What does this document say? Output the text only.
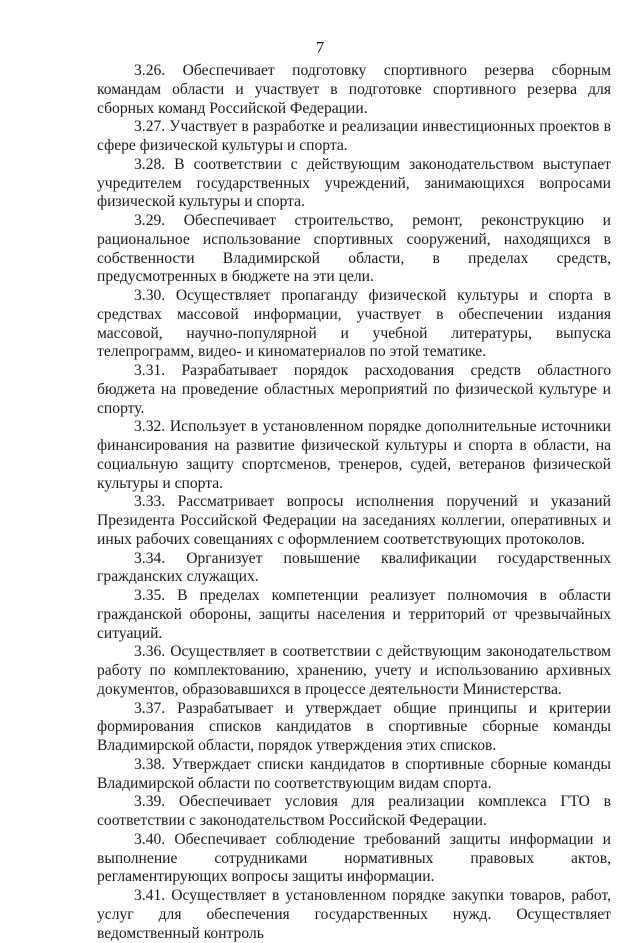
7

3.26. Обеспечивает подготовку спортивного резерва сборным командам области и участвует в подготовке спортивного резерва для сборных команд Российской Федерации.

3.27. Участвует в разработке и реализации инвестиционных проектов в сфере физической культуры и спорта.

3.28. В соответствии с действующим законодательством выступает учредителем государственных учреждений, занимающихся вопросами физической культуры и спорта.

3.29. Обеспечивает строительство, ремонт, реконструкцию и рациональное использование спортивных сооружений, находящихся в собственности Владимирской области, в пределах средств, предусмотренных в бюджете на эти цели.

3.30. Осуществляет пропаганду физической культуры и спорта в средствах массовой информации, участвует в обеспечении издания массовой, научно-популярной и учебной литературы, выпуска телепрограмм, видео- и киноматериалов по этой тематике.

3.31. Разрабатывает порядок расходования средств областного бюджета на проведение областных мероприятий по физической культуре и спорту.

3.32. Использует в установленном порядке дополнительные источники финансирования на развитие физической культуры и спорта в области, на социальную защиту спортсменов, тренеров, судей, ветеранов физической культуры и спорта.

3.33. Рассматривает вопросы исполнения поручений и указаний Президента Российской Федерации на заседаниях коллегии, оперативных и иных рабочих совещаниях с оформлением соответствующих протоколов.

3.34. Организует повышение квалификации государственных гражданских служащих.

3.35. В пределах компетенции реализует полномочия в области гражданской обороны, защиты населения и территорий от чрезвычайных ситуаций.

3.36. Осуществляет в соответствии с действующим законодательством работу по комплектованию, хранению, учету и использованию архивных документов, образовавшихся в процессе деятельности Министерства.

3.37. Разрабатывает и утверждает общие принципы и критерии формирования списков кандидатов в спортивные сборные команды Владимирской области, порядок утверждения этих списков.

3.38. Утверждает списки кандидатов в спортивные сборные команды Владимирской области по соответствующим видам спорта.

3.39. Обеспечивает условия для реализации комплекса ГТО в соответствии с законодательством Российской Федерации.

3.40. Обеспечивает соблюдение требований защиты информации и выполнение сотрудниками нормативных правовых актов, регламентирующих вопросы защиты информации.

3.41. Осуществляет в установленном порядке закупки товаров, работ, услуг для обеспечения государственных нужд. Осуществляет ведомственный контроль
